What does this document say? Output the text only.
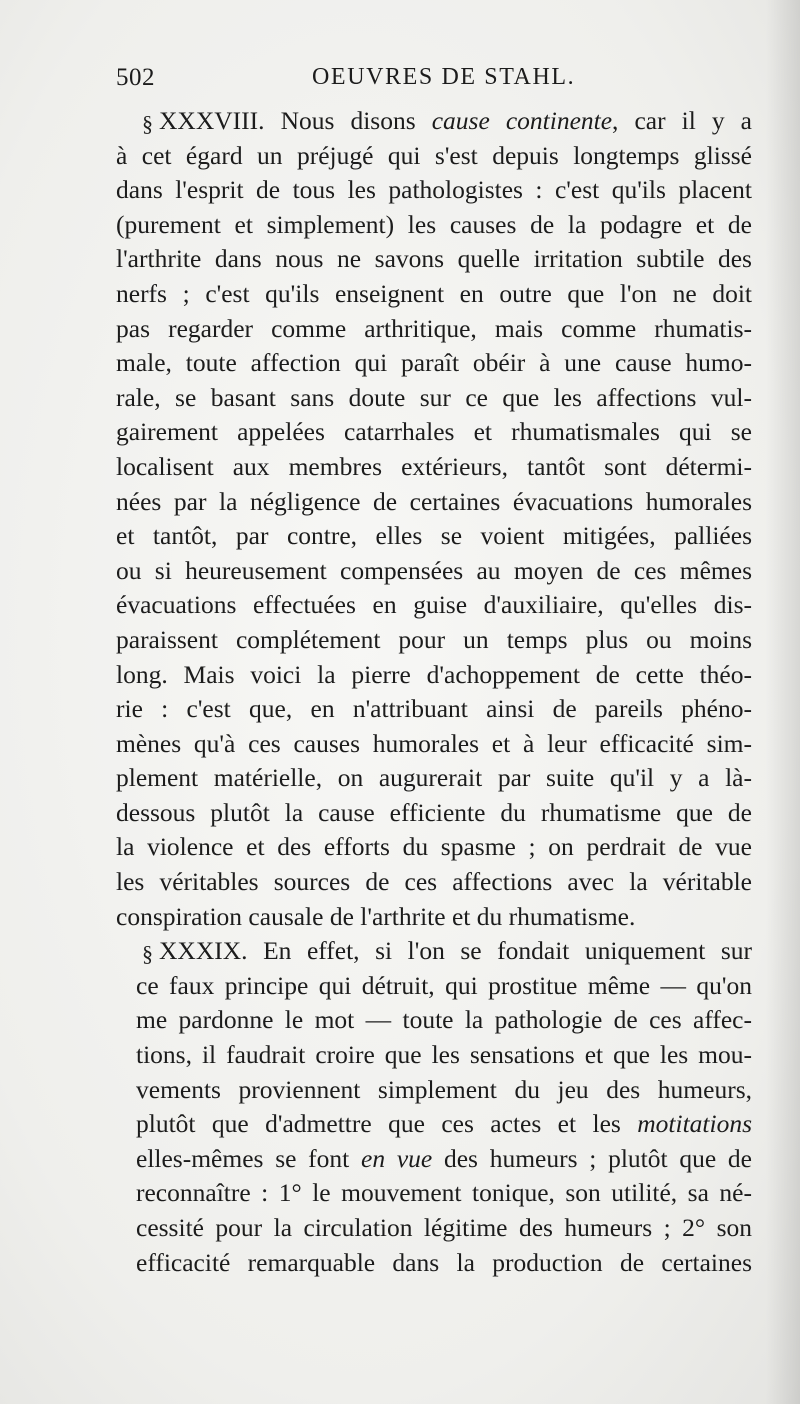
502	OEUVRES DE STAHL.
§ XXXVIII. Nous disons cause continente, car il y a
à cet égard un préjugé qui s'est depuis longtemps glissé
dans l'esprit de tous les pathologistes : c'est qu'ils placent
(purement et simplement) les causes de la podagre et de
l'arthrite dans nous ne savons quelle irritation subtile des
nerfs ; c'est qu'ils enseignent en outre que l'on ne doit
pas regarder comme arthritique, mais comme rhumatis-
male, toute affection qui paraît obéir à une cause humo-
rale, se basant sans doute sur ce que les affections vul-
gairement appelées catarrhales et rhumatismales qui se
localisent aux membres extérieurs, tantôt sont détermi-
nées par la négligence de certaines évacuations humorales
et tantôt, par contre, elles se voient mitigées, palliées
ou si heureusement compensées au moyen de ces mêmes
évacuations effectuées en guise d'auxiliaire, qu'elles dis-
paraissent complétement pour un temps plus ou moins
long. Mais voici la pierre d'achoppement de cette théo-
rie : c'est que, en n'attribuant ainsi de pareils phéno-
mènes qu'à ces causes humorales et à leur efficacité sim-
plement matérielle, on augurerait par suite qu'il y a là-
dessous plutôt la cause efficiente du rhumatisme que de
la violence et des efforts du spasme ; on perdrait de vue
les véritables sources de ces affections avec la véritable
conspiration causale de l'arthrite et du rhumatisme.
§ XXXIX. En effet, si l'on se fondait uniquement sur
ce faux principe qui détruit, qui prostitue même — qu'on
me pardonne le mot — toute la pathologie de ces affec-
tions, il faudrait croire que les sensations et que les mou-
vements proviennent simplement du jeu des humeurs,
plutôt que d'admettre que ces actes et les motitations
elles-mêmes se font en vue des humeurs ; plutôt que de
reconnaître : 1° le mouvement tonique, son utilité, sa né-
cessité pour la circulation légitime des humeurs ; 2° son
efficacité remarquable dans la production de certaines
